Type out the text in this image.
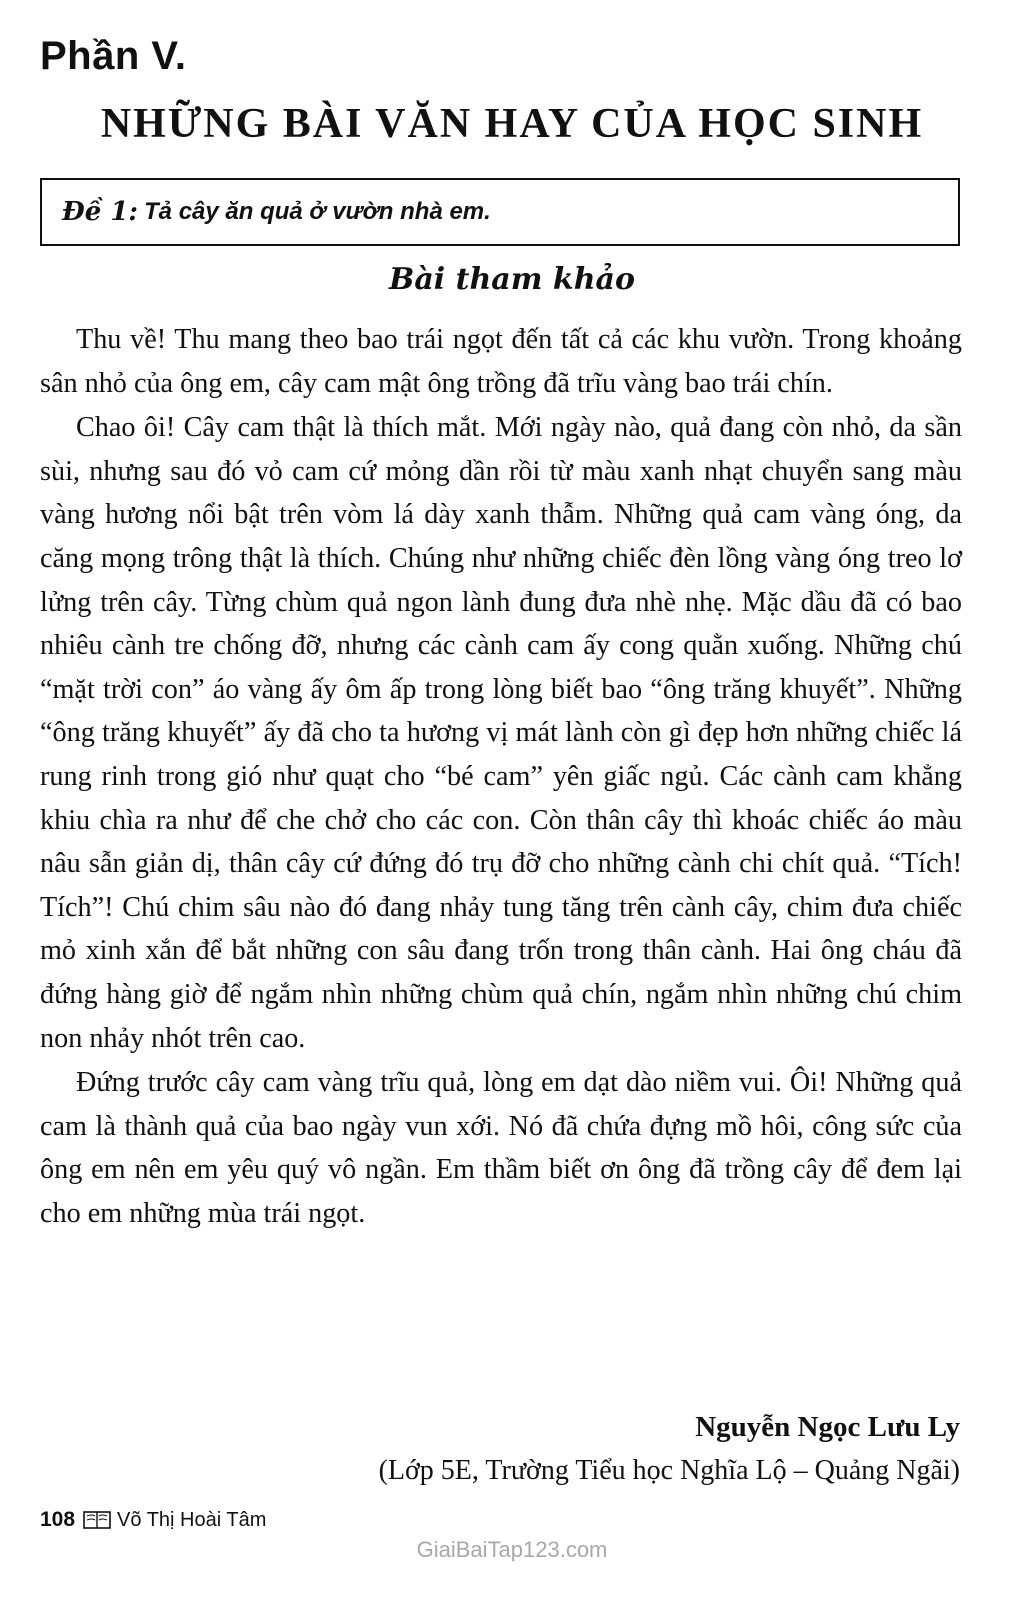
Phần V.
NHỮNG BÀI VĂN HAY CỦA HỌC SINH
Đề 1: Tả cây ăn quả ở vườn nhà em.
Bài tham khảo

Thu về! Thu mang theo bao trái ngọt đến tất cả các khu vườn. Trong khoảng sân nhỏ của ông em, cây cam mật ông trồng đã trĩu vàng bao trái chín.

Chao ôi! Cây cam thật là thích mắt. Mới ngày nào, quả đang còn nhỏ, da sần sùi, nhưng sau đó vỏ cam cứ mỏng dần rồi từ màu xanh nhạt chuyển sang màu vàng hương nổi bật trên vòm lá dày xanh thẫm. Những quả cam vàng óng, da căng mọng trông thật là thích. Chúng như những chiếc đèn lồng vàng óng treo lơ lửng trên cây. Từng chùm quả ngon lành đung đưa nhè nhẹ. Mặc dầu đã có bao nhiêu cành tre chống đỡ, nhưng các cành cam ấy cong quằn xuống. Những chú “mặt trời con” áo vàng ấy ôm ấp trong lòng biết bao “ông trăng khuyết”. Những “ông trăng khuyết” ấy đã cho ta hương vị mát lành còn gì đẹp hơn những chiếc lá rung rinh trong gió như quạt cho “bé cam” yên giấc ngủ. Các cành cam khẳng khiu chìa ra như để che chở cho các con. Còn thân cây thì khoác chiếc áo màu nâu sẫn giản dị, thân cây cứ đứng đó trụ đỡ cho những cành chi chít quả. “Tích! Tích”! Chú chim sâu nào đó đang nhảy tung tăng trên cành cây, chim đưa chiếc mỏ xinh xắn để bắt những con sâu đang trốn trong thân cành. Hai ông cháu đã đứng hàng giờ để ngắm nhìn những chùm quả chín, ngắm nhìn những chú chim non nhảy nhót trên cao.

Đứng trước cây cam vàng trĩu quả, lòng em dạt dào niềm vui. Ôi! Những quả cam là thành quả của bao ngày vun xới. Nó đã chứa đựng mồ hôi, công sức của ông em nên em yêu quý vô ngần. Em thầm biết ơn ông đã trồng cây để đem lại cho em những mùa trái ngọt.

Nguyễn Ngọc Lưu Ly
(Lớp 5E, Trường Tiểu học Nghĩa Lộ – Quảng Ngãi)
108 Võ Thị Hoài Tâm
GiaiBaiTap123.com
